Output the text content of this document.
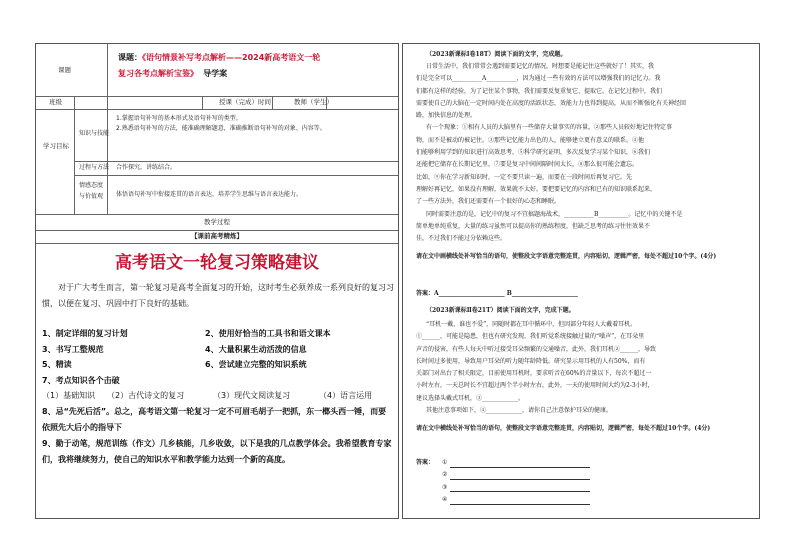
课题
课题：《语句情景补写考点解析——2024新高考语文一轮
复习各考点解析宝鉴》 导学案
班级	授课（完成）时间	教师（学生）
学习目标
知识与技能
1.掌握语句补写的基本形式及语句补写的类型。
2.熟悉语句补写的方法，能准确理解题意，准确推断语句补写的对象、内容等。
过程与方法 合作探究，讲练结合。
情感态度与价值观	体悟语句补写中衔接连贯的语言表达，培养学生思维与语言表达能力。
教学过程
【课前高考精炼】
高考语文一轮复习策略建议
对于广大考生而言，第一轮复习是高考全面复习的开始，这时考生必须养成一系列良好的复习习惯，以便在复习、巩固中打下良好的基础。
1、制定详细的复习计划	2、使用好恰当的工具书和语文课本
3、书写工整规范	4、大量积累生动活泼的信息
5、精读	6、尝试建立完整的知识系统
7、考点知识各个击破
（1）基础知识	（2）古代诗文的复习	（3）现代文阅读复习	（4）语言运用
8、忌“先死后活”。总之，高考语文第一轮复习一定不可眉毛胡子一把抓，东一榔头西一锤，而要依照先大后小的指导下
9、勤于动笔，规范训练（作文）几乡核能，几乡收敛，以下是我的几点教学体会。我希望教育专家们，我将继续努力，使自己的知识水平和教学能力达到一个新的高度。
（2023新课标Ⅰ卷18T）阅读下面的文字，完成题。
日常生活中，我们常常会遇到需要记忆的情况，时想要是能记住这些就好了！其实，我
们是完全可以__________A__________，因为通过一些有效的方法可以增强我们的记忆力。我
们都有这样的经验，为了记住某个事物，我们需要反复重复它、提取它。在记忆过程中，我们
需要使自己的大脑在一定时间内处在高度的活跃状态，效能力力也得到提高，从而不断强化有关神经回
路，加快信息的处理。
有一个现象：①相有人员的大脑里有一些储存大量事实的容量，②那些人员较好地记住特定事
物，而不是被动的被记住。③那些记忆能力出色的人，能够建立更有意义的联系。④他
们能够利用学到的知识进行高效思考，⑤科学研究证明，多次反复学习某个知识，⑥我们
还能把它储存在长期记忆里，⑦要是复习中间间隔时间太长，⑧那么很可能会遗忘。
比如，⑨你在学习新知识时，一定不要只读一遍，而要在一段时间后再复习它。先
理解好再记忆，如果没有理解，效果就不太好。要把要记忆的内容和已有的知识联系起来，
了一些方法外，我们还需要有一个很好的心态和睡眠。
同时需要注意的是，记忆中的复习不宜搞题海战术，__________B__________。记忆中的关键不是
简单地单纯重复，大量的练习虽然可以提高你的熟练程度，但缺乏思考的练习往往效果不
佳，不过我们不能过分依赖这些。
请在文中画横线处补写恰当的语句，使整段文字语意完整连贯，内容贴切，逻辑严密，每处不超过10个字。(4分)
答案：A______________________ B______________________
（2023新课标Ⅱ卷21T）阅读下面的文字，完成下题。
“耳机一戴，谁也不爱”，同随时都在耳中循环中，但因部分年轻人大戴着耳机。
①______，可能是隐患，但也有研究发现，我们听觉系统接触过量的“噪声”，在耳朵里
声音的侵害，有些人每天中听过接受耳朵频繁的交通噪音，此外，我们耳机②______，导致
长时间过多使用，导致用户耳朵的听力随年龄降低。研究显示用耳机的人有50%，而有
关部门对出台了相关限定，目前使用耳机时，要求听音在60%的音量以下，每次不超过一
小时左右，一天总时长不宜超过两个半小时左右，此外，一天的使用时间大约为2-3小时，
建议选择头戴式耳机，③____________。
其他注意事项如下，④____________，请你自己注意保护耳朵的健康。
请在文中横线处补写恰当的语句，使整段文字语意完整连贯，内容贴切，逻辑严密，每处不超过10个字。(4分)
答案：	①
②
③
④
